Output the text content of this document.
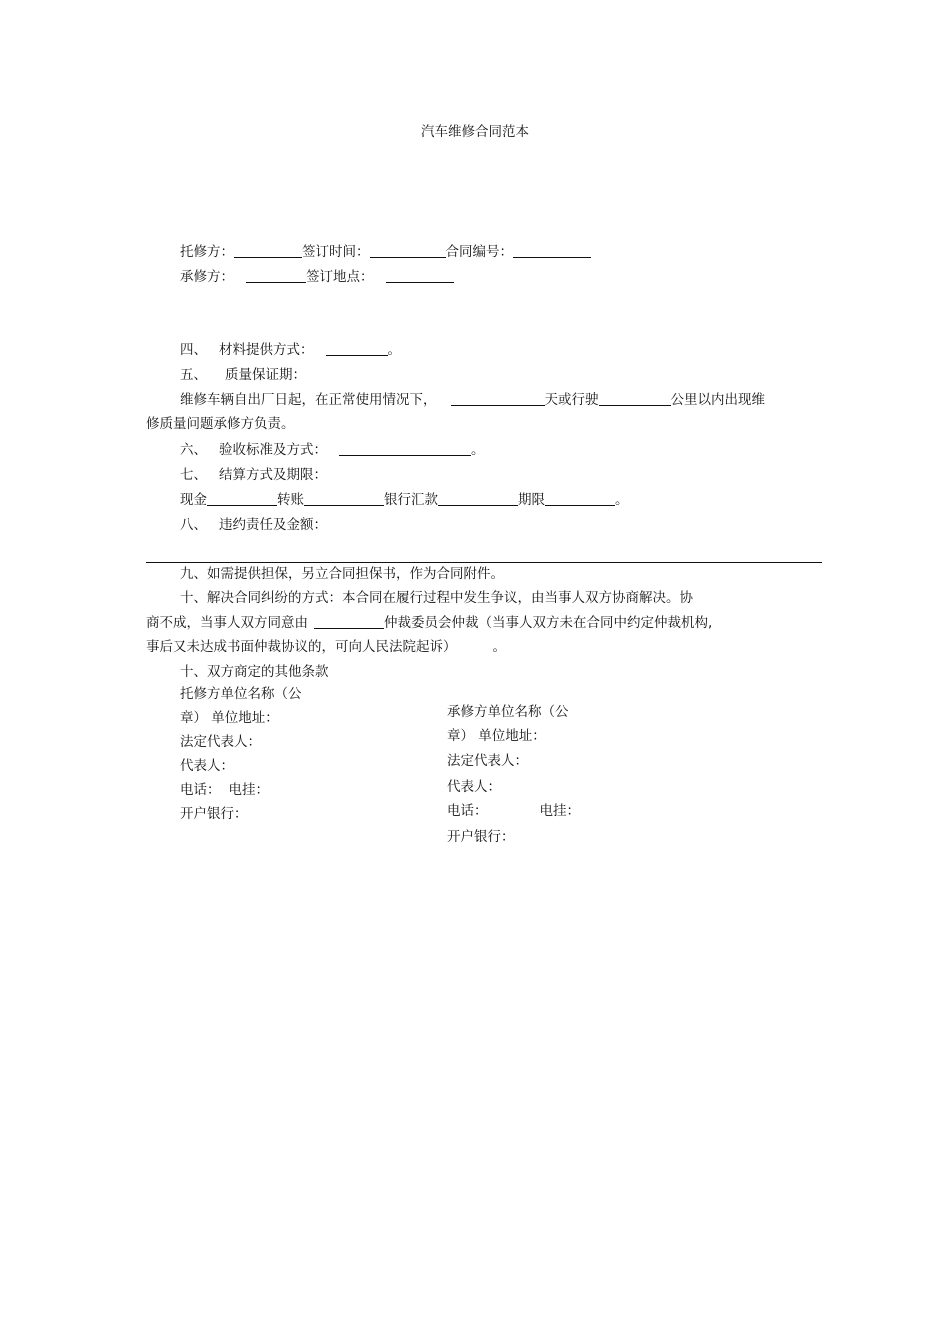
汽车维修合同范本
托修方：	签订时间：	合同编号：
承修方：	签订地点：
四、 材料提供方式：	。
五、 质量保证期：
维修车辆自出厂日起，在正常使用情况下，	天或行驶	公里以内出现维
修质量问题承修方负责。
六、 验收标准及方式：	。
七、 结算方式及期限：
现金	转账	银行汇款	期限	。
八、 违约责任及金额：
九、如需提供担保，另立合同担保书，作为合同附件。
十、解决合同纠纷的方式：本合同在履行过程中发生争议，由当事人双方协商解决。协
商不成，当事人双方同意由	仲裁委员会仲裁（当事人双方未在合同中约定仲裁机构,
事后又未达成书面仲裁协议的，可向人民法院起诉）	。
十、双方商定的其他条款
托修方单位名称（公
章） 单位地址：
法定代表人：
代表人：
电话： 电挂：
开户银行：
承修方单位名称（公
章） 单位地址：
法定代表人：
代表人：
电话：	电挂：
开户银行：
